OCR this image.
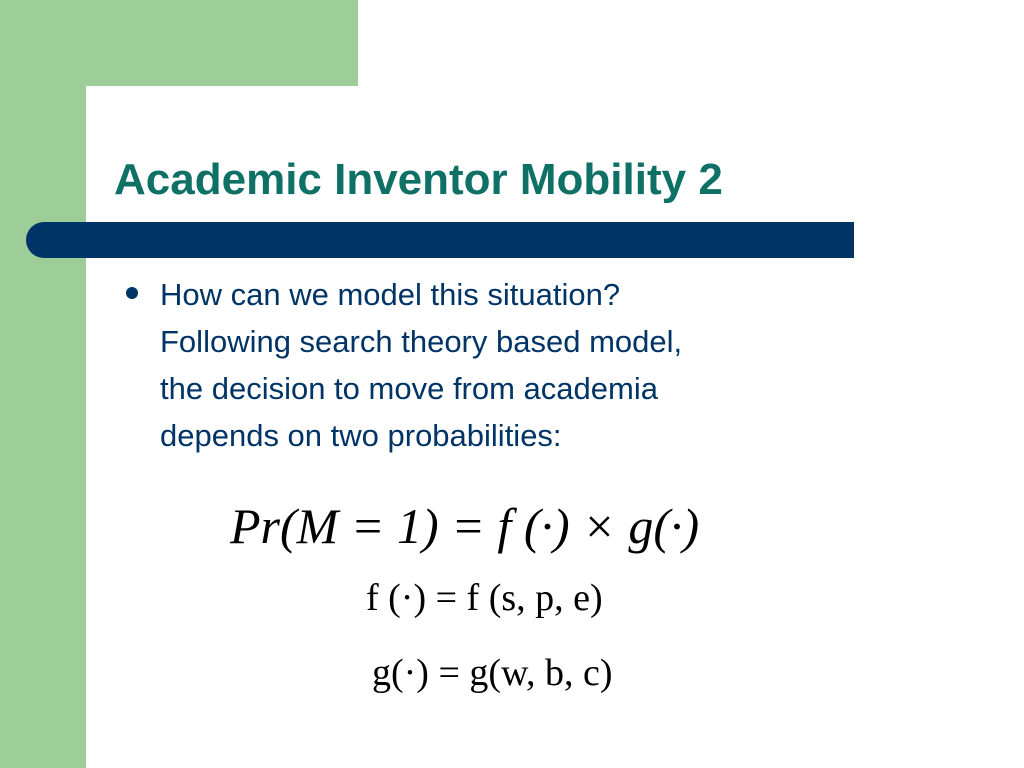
Academic Inventor Mobility 2

How can we model this situation?
Following search theory based model,
the decision to move from academia
depends on two probabilities:

Pr(M = 1) = f (·) × g(·)
f (·) = f (s, p, e)
g(·) = g(w, b, c)
